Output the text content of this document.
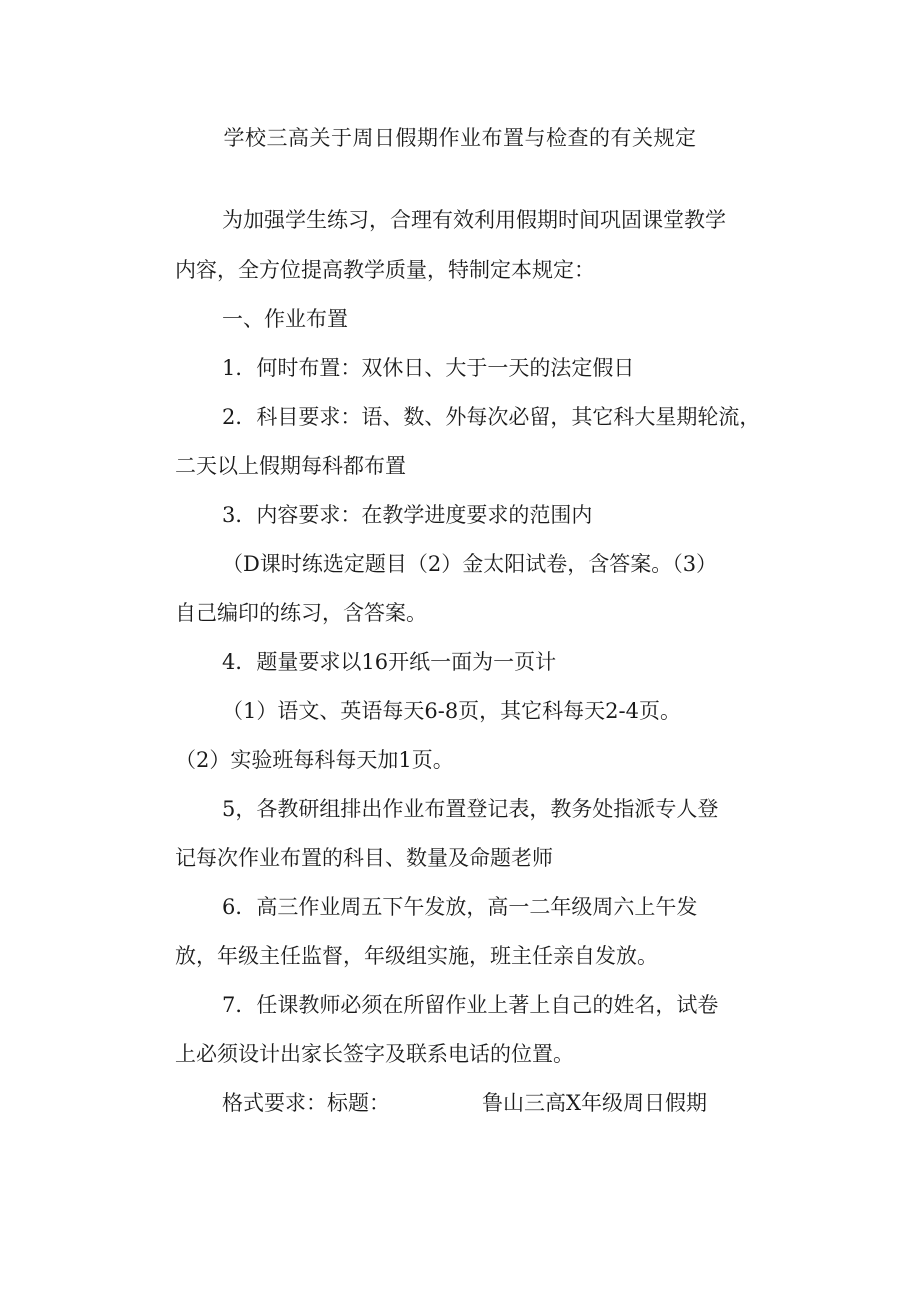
学校三高关于周日假期作业布置与检查的有关规定
为加强学生练习，合理有效利用假期时间巩固课堂教学
内容，全方位提高教学质量，特制定本规定：
一、作业布置
1．何时布置：双休日、大于一天的法定假日
2．科目要求：语、数、外每次必留，其它科大星期轮流，
二天以上假期每科都布置
3．内容要求：在教学进度要求的范围内
（D课时练选定题目（2）金太阳试卷，含答案。（3）
自己编印的练习，含答案。
4．题量要求以16开纸一面为一页计
（1）语文、英语每天6-8页，其它科每天2-4页。
（2）实验班每科每天加1页。
5，各教研组排出作业布置登记表，教务处指派专人登
记每次作业布置的科目、数量及命题老师
6．高三作业周五下午发放，高一二年级周六上午发
放，年级主任监督，年级组实施，班主任亲自发放。
7．任课教师必须在所留作业上著上自己的姓名，试卷
上必须设计出家长签字及联系电话的位置。
格式要求：标题：	鲁山三高X年级周日假期
